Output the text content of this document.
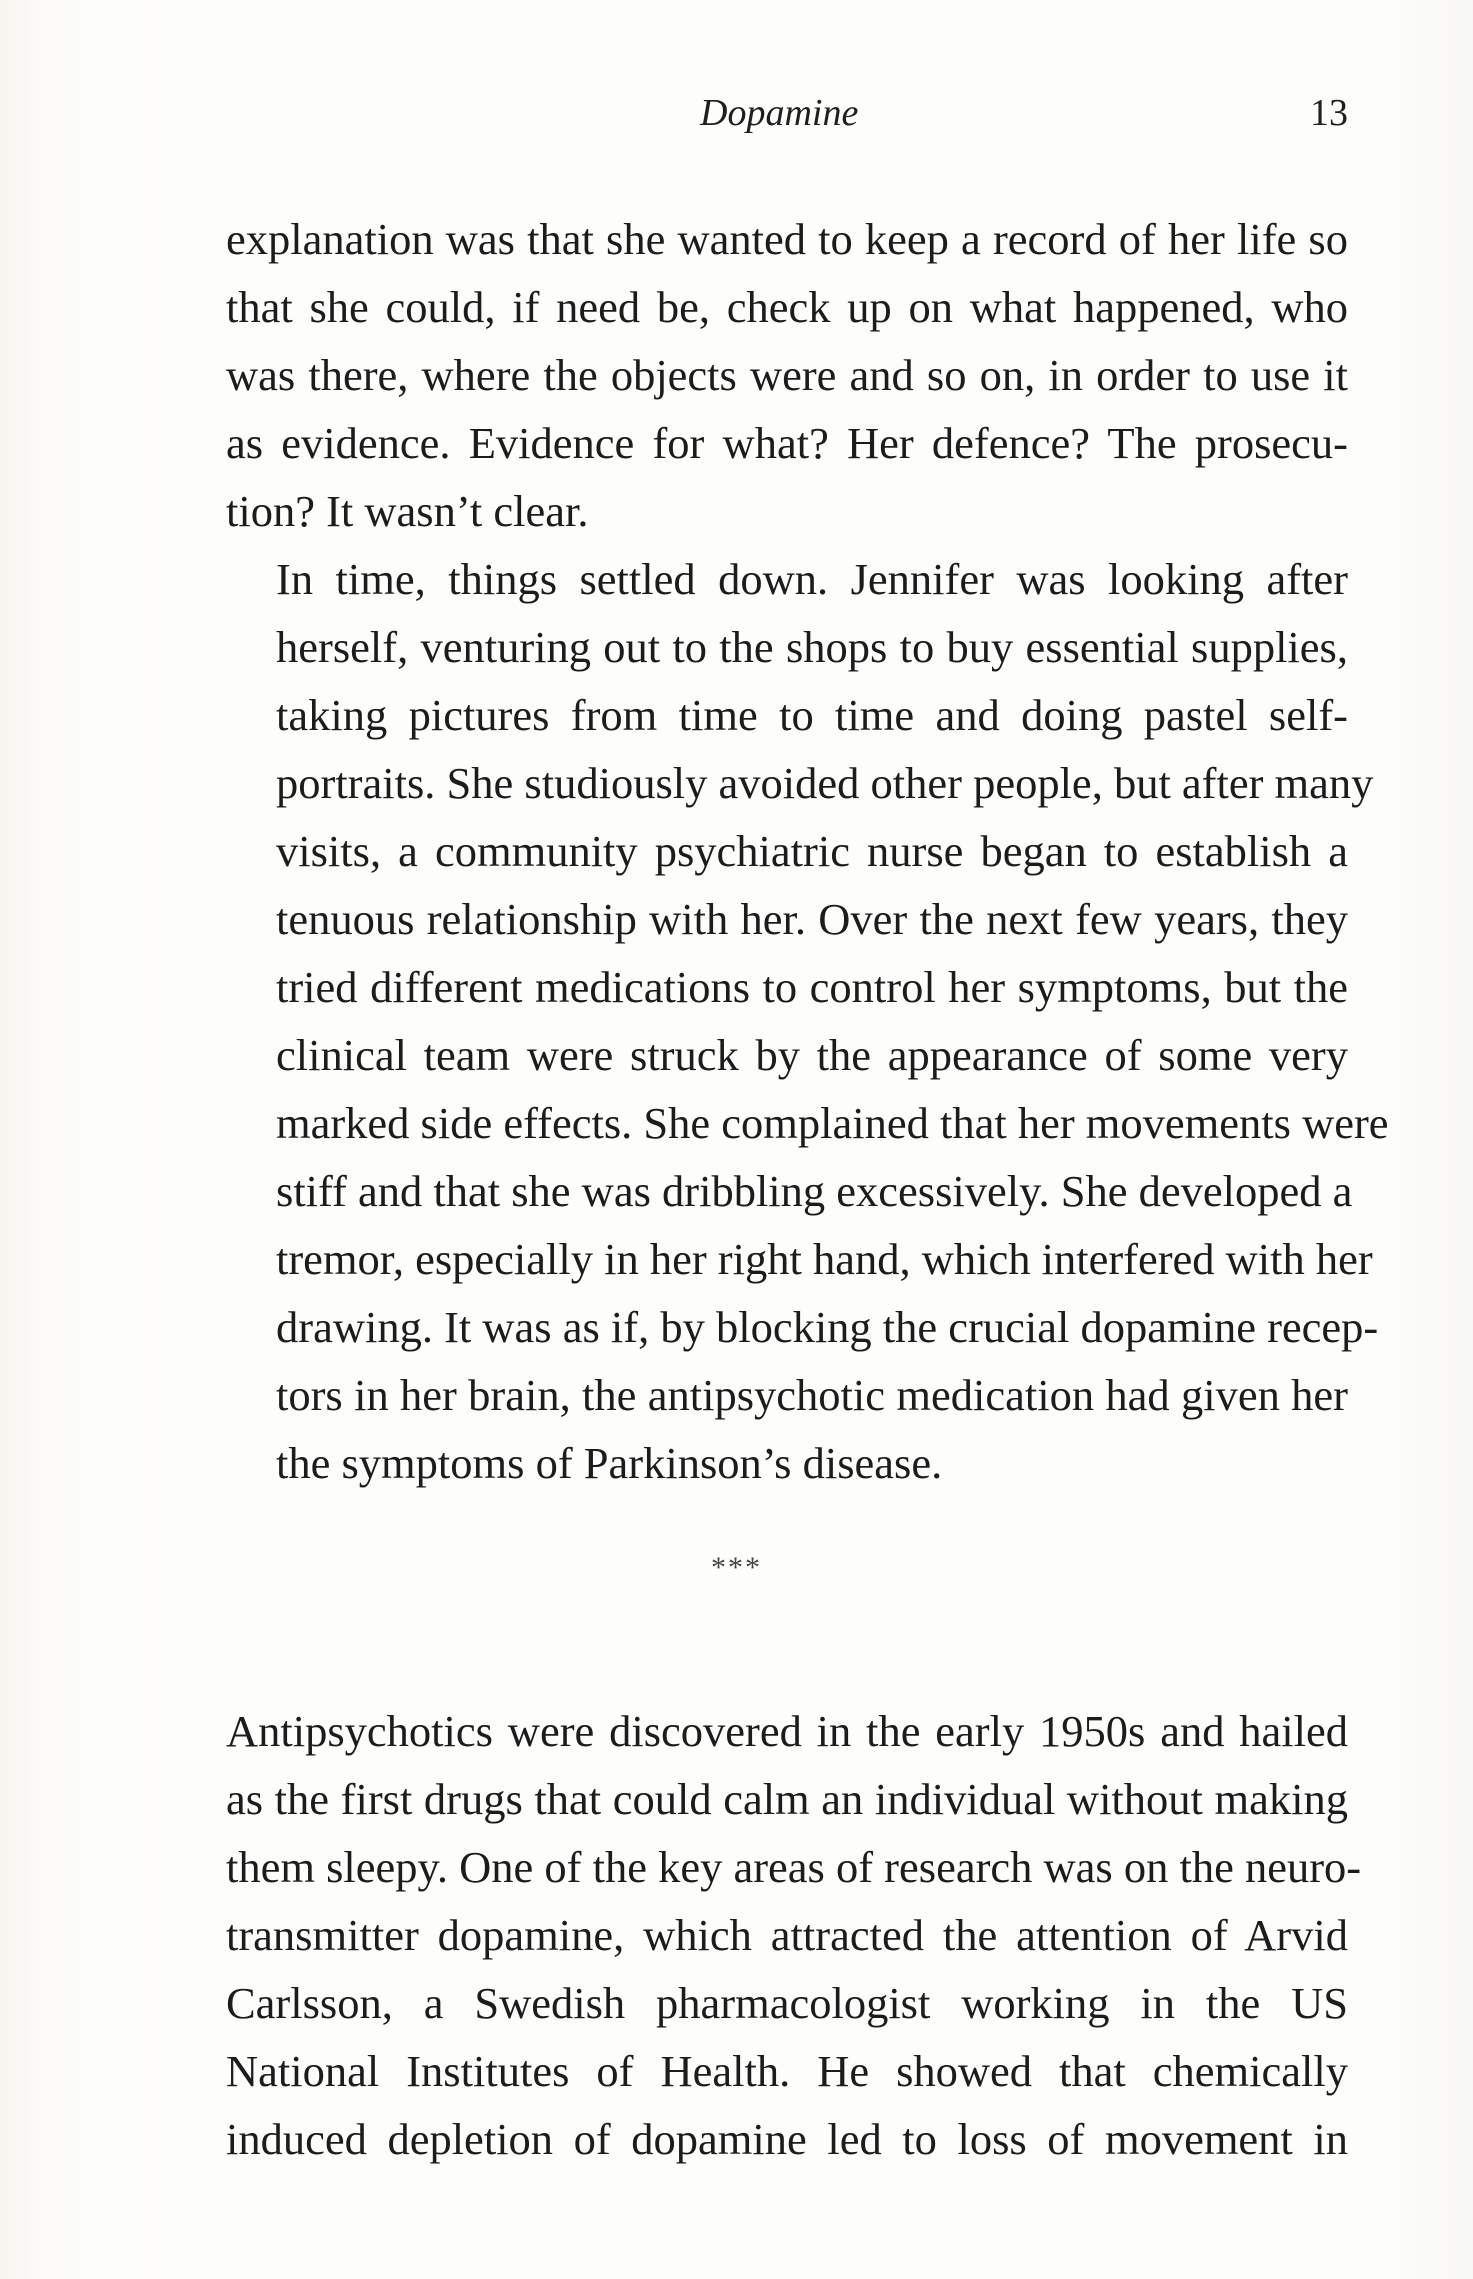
Dopamine	13
explanation was that she wanted to keep a record of her life so
that she could, if need be, check up on what happened, who
was there, where the objects were and so on, in order to use it
as evidence. Evidence for what? Her defence? The prosecu-
tion? It wasn’t clear.
In time, things settled down. Jennifer was looking after
herself, venturing out to the shops to buy essential supplies,
taking pictures from time to time and doing pastel self-
portraits. She studiously avoided other people, but after many
visits, a community psychiatric nurse began to establish a
tenuous relationship with her. Over the next few years, they
tried different medications to control her symptoms, but the
clinical team were struck by the appearance of some very
marked side effects. She complained that her movements were
stiff and that she was dribbling excessively. She developed a
tremor, especially in her right hand, which interfered with her
drawing. It was as if, by blocking the crucial dopamine recep-
tors in her brain, the antipsychotic medication had given her
the symptoms of Parkinson’s disease.
***
Antipsychotics were discovered in the early 1950s and hailed
as the first drugs that could calm an individual without making
them sleepy. One of the key areas of research was on the neuro-
transmitter dopamine, which attracted the attention of Arvid
Carlsson, a Swedish pharmacologist working in the US
National Institutes of Health. He showed that chemically
induced depletion of dopamine led to loss of movement in
